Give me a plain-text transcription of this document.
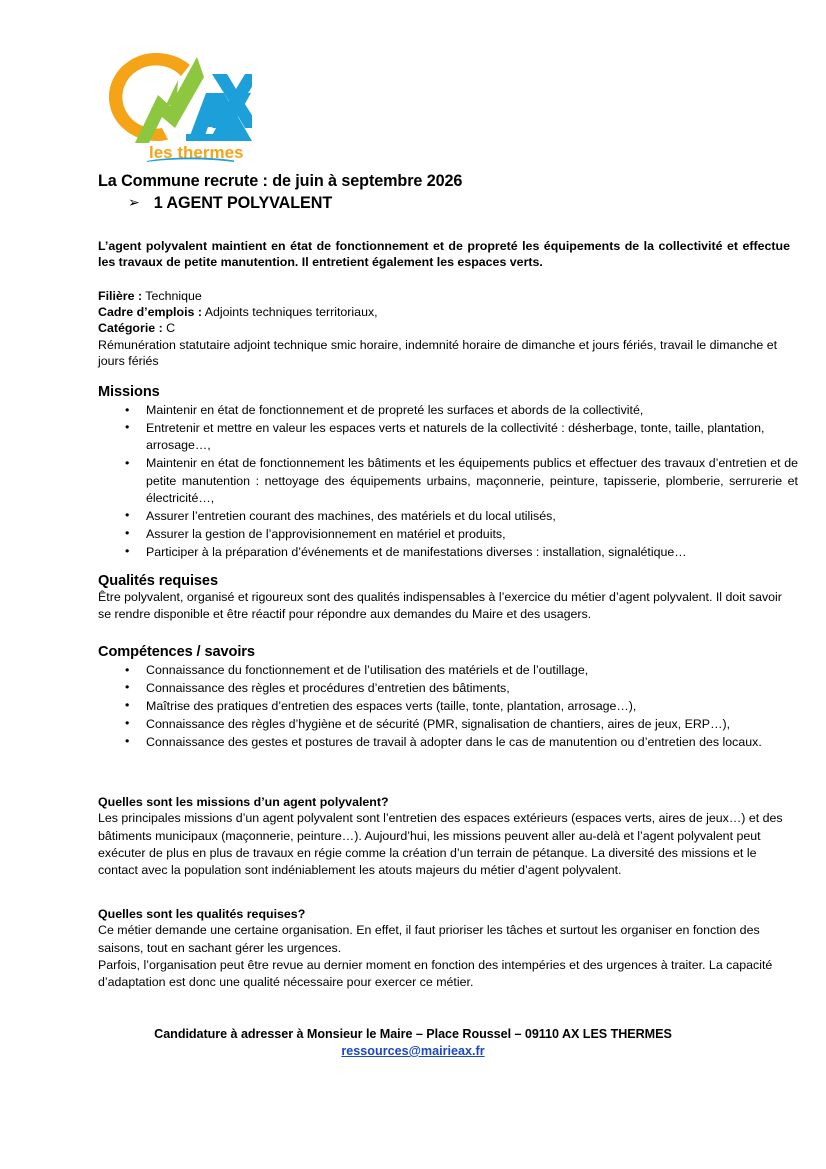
les thermes
La Commune recrute : de juin à septembre 2026
➢ 1 AGENT POLYVALENT
L’agent polyvalent maintient en état de fonctionnement et de propreté les équipements de la collectivité et effectue les travaux de petite manutention. Il entretient également les espaces verts.
Filière : Technique
Cadre d’emplois : Adjoints techniques territoriaux,
Catégorie : C
Rémunération statutaire adjoint technique smic horaire, indemnité horaire de dimanche et jours fériés, travail le dimanche et jours fériés
Missions
• Maintenir en état de fonctionnement et de propreté les surfaces et abords de la collectivité,
• Entretenir et mettre en valeur les espaces verts et naturels de la collectivité : désherbage, tonte, taille, plantation, arrosage…,
• Maintenir en état de fonctionnement les bâtiments et les équipements publics et effectuer des travaux d’entretien et de petite manutention : nettoyage des équipements urbains, maçonnerie, peinture, tapisserie, plomberie, serrurerie et électricité…,
• Assurer l’entretien courant des machines, des matériels et du local utilisés,
• Assurer la gestion de l’approvisionnement en matériel et produits,
• Participer à la préparation d’événements et de manifestations diverses : installation, signalétique…
Qualités requises

Être polyvalent, organisé et rigoureux sont des qualités indispensables à l’exercice du métier d’agent polyvalent. Il doit savoir se rendre disponible et être réactif pour répondre aux demandes du Maire et des usagers.

Compétences / savoirs
• Connaissance du fonctionnement et de l’utilisation des matériels et de l’outillage,
• Connaissance des règles et procédures d’entretien des bâtiments,
• Maîtrise des pratiques d’entretien des espaces verts (taille, tonte, plantation, arrosage…),
• Connaissance des règles d’hygiène et de sécurité (PMR, signalisation de chantiers, aires de jeux, ERP…),
• Connaissance des gestes et postures de travail à adopter dans le cas de manutention ou d’entretien des locaux.

Quelles sont les missions d’un agent polyvalent?

Les principales missions d’un agent polyvalent sont l’entretien des espaces extérieurs (espaces verts, aires de jeux…) et des bâtiments municipaux (maçonnerie, peinture…). Aujourd’hui, les missions peuvent aller au-delà et l’agent polyvalent peut exécuter de plus en plus de travaux en régie comme la création d’un terrain de pétanque. La diversité des missions et le contact avec la population sont indéniablement les atouts majeurs du métier d’agent polyvalent.

Quelles sont les qualités requises?

Ce métier demande une certaine organisation. En effet, il faut prioriser les tâches et surtout les organiser en fonction des saisons, tout en sachant gérer les urgences.

Parfois, l’organisation peut être revue au dernier moment en fonction des intempéries et des urgences à traiter. La capacité d’adaptation est donc une qualité nécessaire pour exercer ce métier.

Candidature à adresser à Monsieur le Maire – Place Roussel – 09110 AX LES THERMES

ressources@mairieax.fr
